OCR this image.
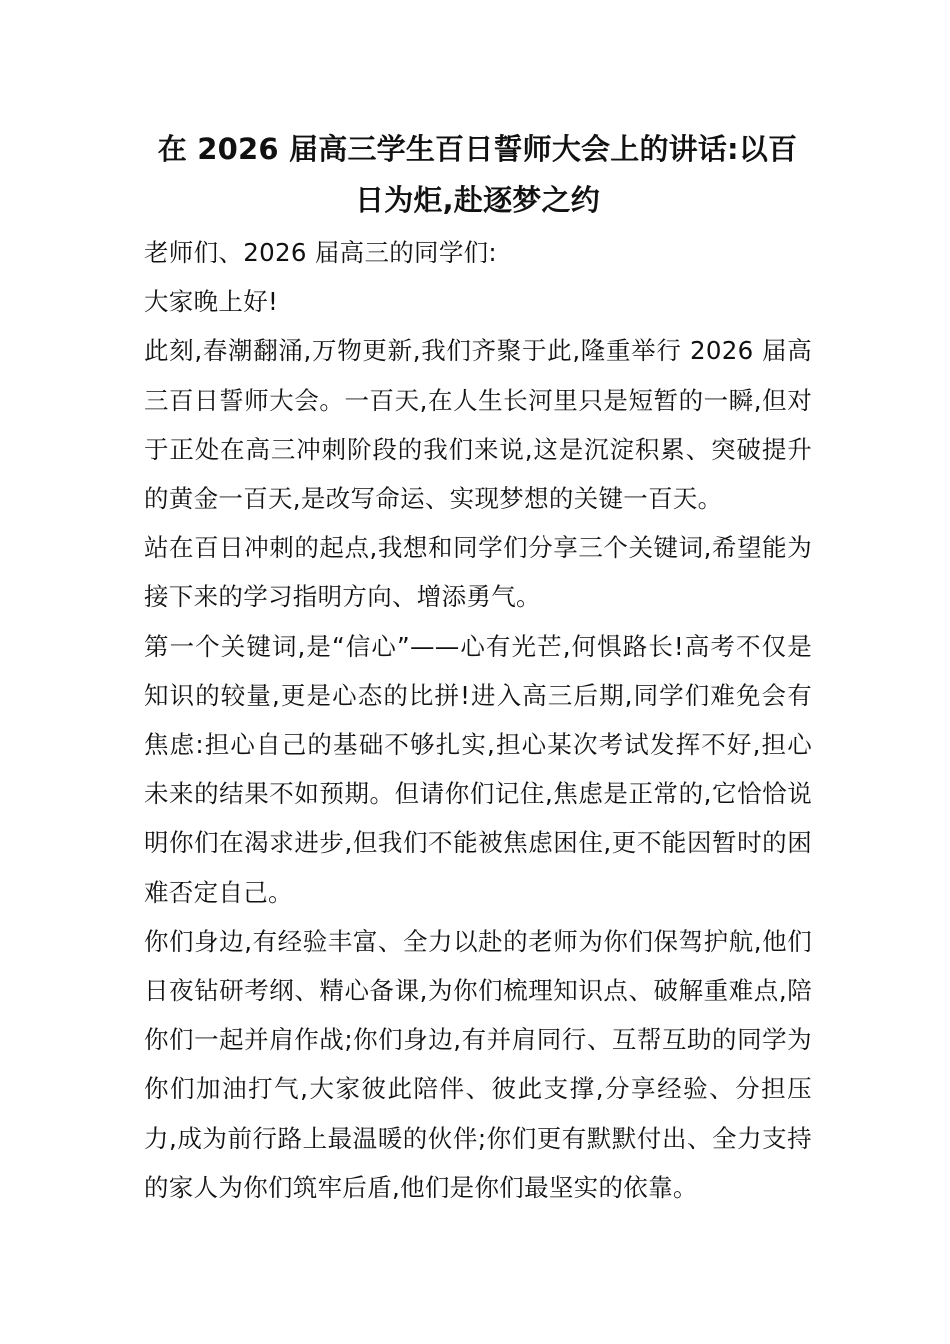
在 2026 届高三学生百日誓师大会上的讲话:以百日为炬,赴逐梦之约

老师们、2026 届高三的同学们:

大家晚上好!

此刻,春潮翻涌,万物更新,我们齐聚于此,隆重举行 2026 届高三百日誓师大会。一百天,在人生长河里只是短暂的一瞬,但对于正处在高三冲刺阶段的我们来说,这是沉淀积累、突破提升的黄金一百天,是改写命运、实现梦想的关键一百天。

站在百日冲刺的起点,我想和同学们分享三个关键词,希望能为接下来的学习指明方向、增添勇气。

第一个关键词,是“信心”——心有光芒,何惧路长!高考不仅是知识的较量,更是心态的比拼!进入高三后期,同学们难免会有焦虑:担心自己的基础不够扎实,担心某次考试发挥不好,担心未来的结果不如预期。但请你们记住,焦虑是正常的,它恰恰说明你们在渴求进步,但我们不能被焦虑困住,更不能因暂时的困难否定自己。

你们身边,有经验丰富、全力以赴的老师为你们保驾护航,他们日夜钻研考纲、精心备课,为你们梳理知识点、破解重难点,陪你们一起并肩作战;你们身边,有并肩同行、互帮互助的同学为你们加油打气,大家彼此陪伴、彼此支撑,分享经验、分担压力,成为前行路上最温暖的伙伴;你们更有默默付出、全力支持的家人为你们筑牢后盾,他们是你们最坚实的依靠。
